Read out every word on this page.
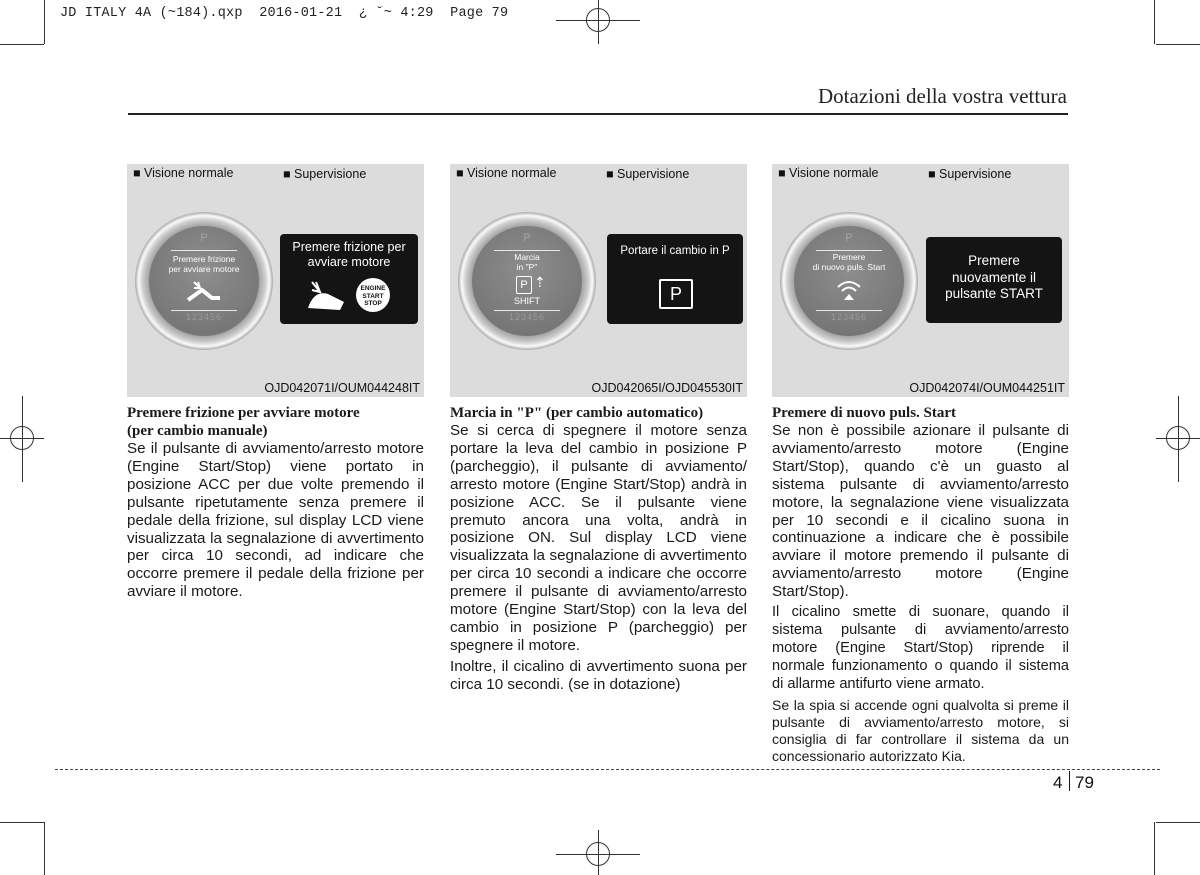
JD ITALY 4A (~184).qxp  2016-01-21  ¿ ˘~ 4:29  Page 79
Dotazioni della vostra vettura
■ Visione normale	■ Supervisione
P
Premere frizione
per avviare motore
123456
Premere frizione per
avviare motore
ENGINE
START
STOP
OJD042071I/OUM044248IT
■ Visione normale	■ Supervisione
P
Marcia
in "P"
P ⇡
SHIFT
123456
Portare il cambio in P
P
OJD042065I/OJD045530IT
■ Visione normale	■ Supervisione
P
Premere
di nuovo puls. Start
123456
Premere
nuovamente il
pulsante START
OJD042074I/OUM044251IT
Premere frizione per avviare motore
(per cambio manuale)

Se il pulsante di avviamento/arresto motore (Engine Start/Stop) viene portato in posizione ACC per due volte premendo il pulsante ripetutamente senza premere il pedale della frizione, sul display LCD viene visualizzata la segnalazione di avvertimento per circa 10 secondi, ad indicare che occorre premere il pedale della frizione per avviare il motore.

Marcia in "P" (per cambio automatico)

Se si cerca di spegnere il motore senza portare la leva del cambio in posizione P (parcheggio), il pulsante di avviamento/ arresto motore (Engine Start/Stop) andrà in posizione ACC. Se il pulsante viene premuto ancora una volta, andrà in posizione ON. Sul display LCD viene visualizzata la segnalazione di avvertimento per circa 10 secondi a indicare che occorre premere il pulsante di avviamento/arresto motore (Engine Start/Stop) con la leva del cambio in posizione P (parcheggio) per spegnere il motore.

Inoltre, il cicalino di avvertimento suona per circa 10 secondi. (se in dotazione)

Premere di nuovo puls. Start

Se non è possibile azionare il pulsante di avviamento/arresto motore (Engine Start/Stop), quando c'è un guasto al sistema pulsante di avviamento/arresto motore, la segnalazione viene visualizzata per 10 secondi e il cicalino suona in continuazione a indicare che è possibile avviare il motore premendo il pulsante di avviamento/arresto motore (Engine Start/Stop).

Il cicalino smette di suonare, quando il sistema pulsante di avviamento/arresto motore (Engine Start/Stop) riprende il normale funzionamento o quando il sistema di allarme antifurto viene armato.

Se la spia si accende ogni qualvolta si preme il pulsante di avviamento/arresto motore, si consiglia di far controllare il sistema da un concessionario autorizzato Kia.

4 79
